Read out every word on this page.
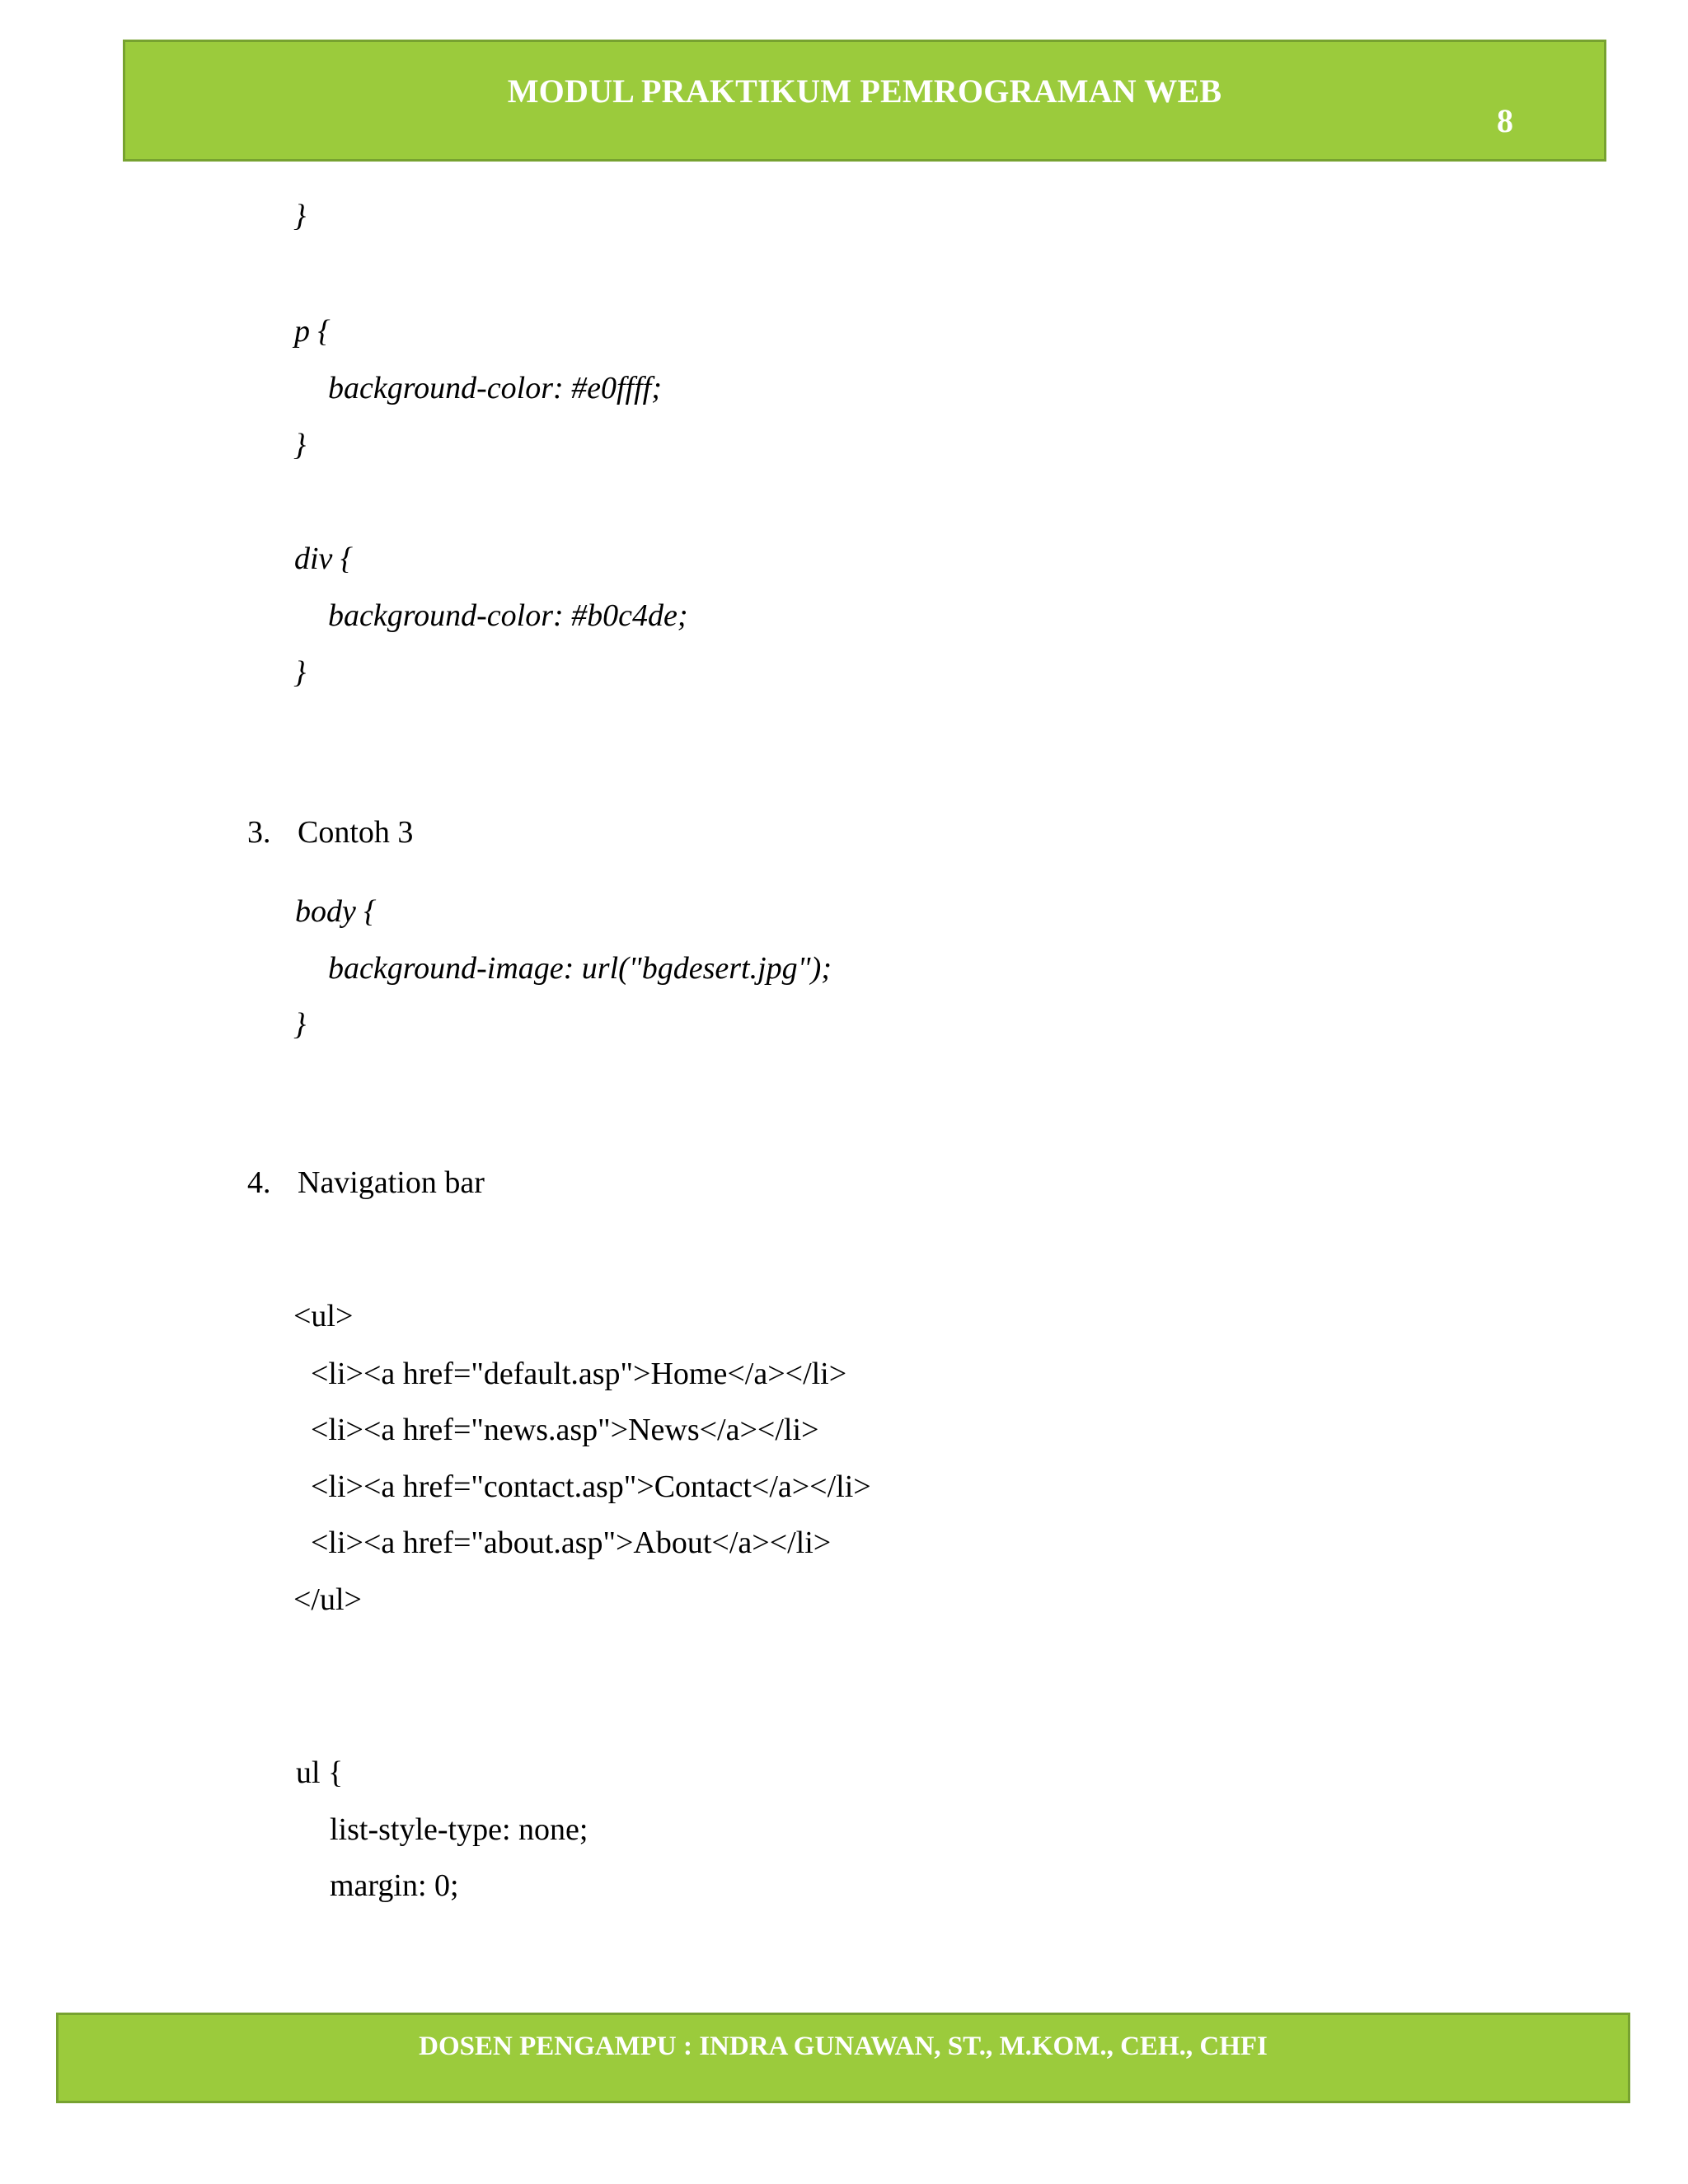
MODUL PRAKTIKUM PEMROGRAMAN WEB
8
}
p {
background-color: #e0ffff;
}
div {
background-color: #b0c4de;
}
3. Contoh 3
body {
background-image: url("bgdesert.jpg");
}
4. Navigation bar
<ul>
<li><a href="default.asp">Home</a></li>
<li><a href="news.asp">News</a></li>
<li><a href="contact.asp">Contact</a></li>
<li><a href="about.asp">About</a></li>
</ul>
ul {
list-style-type: none;
margin: 0;
DOSEN PENGAMPU : INDRA GUNAWAN, ST., M.KOM., CEH., CHFI
